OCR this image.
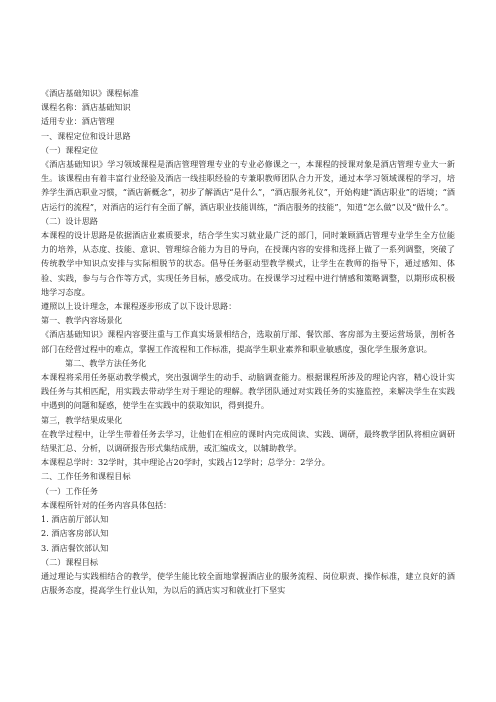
《酒店基础知识》课程标准
课程名称：酒店基础知识
适用专业：酒店管理
一、课程定位和设计思路
（一）课程定位
《酒店基础知识》学习领域课程是酒店管理管理专业的专业必修课之一，本课程的授课对象是酒店管理专业大一新生。该课程由有着丰富行业经验及酒店一线挂职经验的专兼职教师团队合力开发，通过本学习领域课程的学习，培养学生酒店职业习惯，“酒店新概念”，初步了解酒店“是什么”，“酒店服务礼仪”，开始构建“酒店职业”的语境；“酒店运行的流程”，对酒店的运行有全面了解，酒店职业技能训练，“酒店服务的技能”，知道“怎么做”以及“做什么”。
（二）设计思路
本课程的设计思路是依据酒店业素质要求，结合学生实习就业最广泛的部门，同时兼顾酒店管理专业学生全方位能力的培养，从态度、技能、意识、管理综合能力为目的导向，在授课内容的安排和选择上做了一系列调整，突破了传统教学中知识点安排与实际相脱节的状态。倡导任务驱动型教学模式，让学生在教师的指导下，通过感知、体验、实践，参与与合作等方式，实现任务目标，感受成功。在授课学习过程中进行情感和策略调整，以期形成积极地学习态度。
遵照以上设计理念，本课程逐步形成了以下设计思路：
第一、教学内容场景化
《酒店基础知识》课程内容要注重与工作真实场景相结合，选取前厅部、餐饮部、客房部为主要运营场景，剖析各部门在经营过程中的难点，掌握工作流程和工作标准，提高学生职业素养和职业敏感度，强化学生服务意识。
第二、教学方法任务化
本课程将采用任务驱动教学模式，突出强调学生的动手、动脑调查能力。根据课程所涉及的理论内容，精心设计实践任务与其相匹配，用实践去带动学生对于理论的理解。教学团队通过对实践任务的实施监控，来解决学生在实践中遇到的问题和疑惑，使学生在实践中的获取知识，得到提升。
第三，教学结果成果化
在教学过程中，让学生带着任务去学习，让他们在相应的课时内完成阅读、实践、调研，最终教学团队将相应调研结果汇总、分析，以调研报告形式集结成册，或汇编成文，以辅助教学。
本课程总学时：32学时，其中理论占20学时，实践占12学时；总学分：2学分。
二、工作任务和课程目标
（一）工作任务
本课程所针对的任务内容具体包括：
1. 酒店前厅部认知
2. 酒店客房部认知
3. 酒店餐饮部认知
（二）课程目标
通过理论与实践相结合的教学，使学生能比较全面地掌握酒店业的服务流程、岗位职责、操作标准，建立良好的酒店服务态度，提高学生行业认知，为以后的酒店实习和就业打下坚实
